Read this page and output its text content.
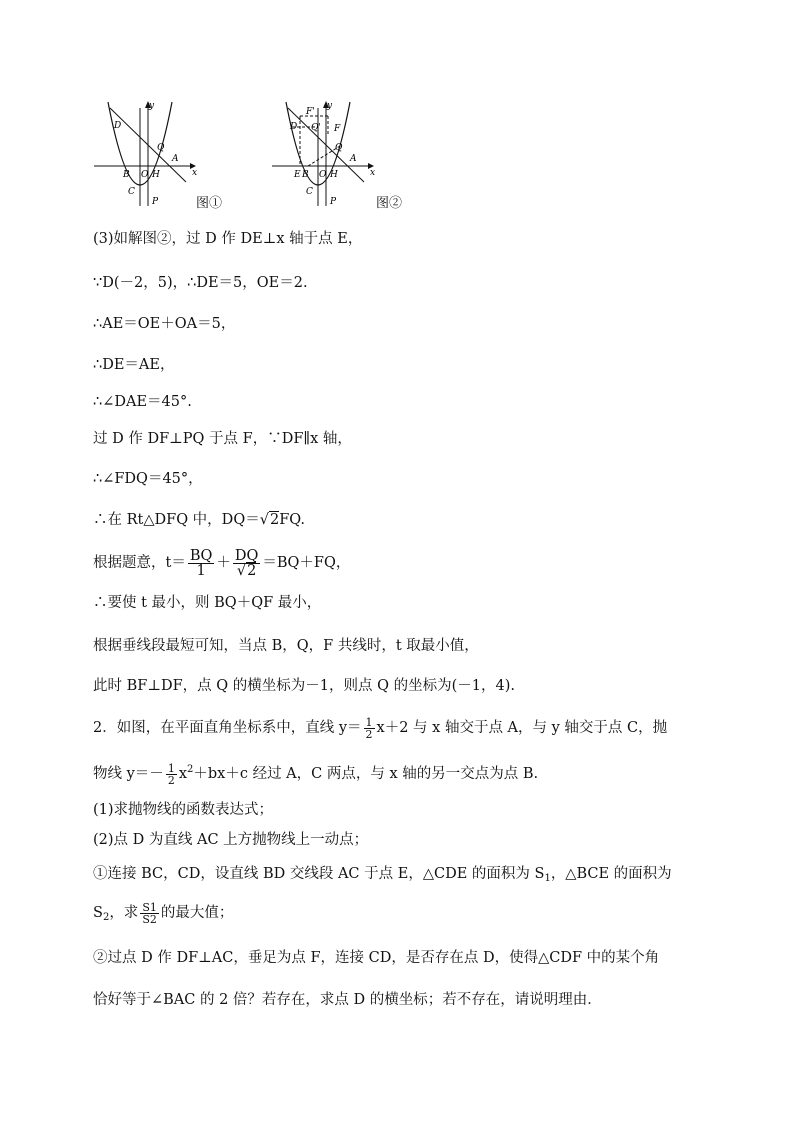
y
D
Q
A
x
B O H
C
P	图①
y
F'
Q' F
D
Q
A
x
E B
C
O H
P	图②
(3)如解图②，过 D 作 DE⊥x 轴于点 E，
∵D(－2，5)，∴DE＝5，OE＝2.
∴AE＝OE＋OA＝5，
∴DE＝AE，
∴∠DAE＝45°.
过 D 作 DF⊥PQ 于点 F，∵DF∥x 轴，
∴∠FDQ＝45°，
∴在 Rt△DFQ 中，DQ＝√2FQ.
根据题意，$t= \frac{BQ}{1} + \frac{DQ}{√2} =BQ+FQ$，
∴要使 t 最小，则 BQ＋QF 最小，
根据垂线段最短可知，当点 B，Q，F 共线时，t 取最小值，
此时 BF⊥DF，点 Q 的横坐标为－1，则点 Q 的坐标为(－1，4).
2．如图，在平面直角坐标系中，直线 $y= \frac{1}{2} x+2$ 与 x 轴交于点 A，与 y 轴交于点 C，抛
物线 $y=- \frac{1}{2} x^2+bx+c$ 经过 A，C 两点，与 x 轴的另一交点为点 B.
(1)求抛物线的函数表达式；
(2)点 D 为直线 AC 上方抛物线上一动点；
①连接 BC，CD，设直线 BD 交线段 AC 于点 E，△CDE 的面积为 $S_1$，△BCE 的面积为
$S_2$，求 $\frac{S1}{S2}$ 的最大值；
②过点 D 作 DF⊥AC，垂足为点 F，连接 CD，是否存在点 D，使得△CDF 中的某个角
恰好等于∠BAC 的 2 倍？若存在，求点 D 的横坐标；若不存在，请说明理由．
